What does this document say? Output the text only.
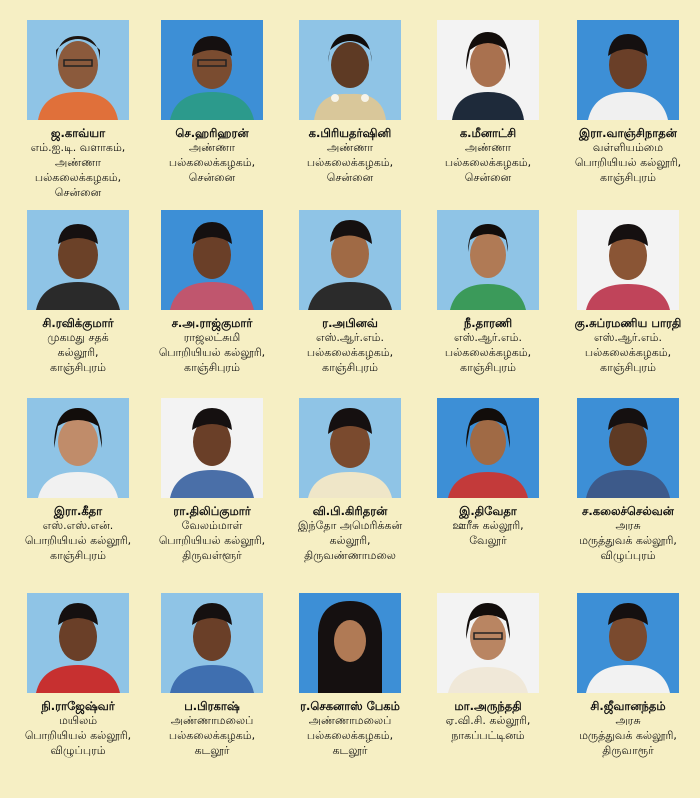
ஜ.காவ்யா
எம்.ஐ.டி. வளாகம்,
அண்ணா
பல்கலைக்கழகம்,
சென்னை
செ.ஹரிஹரன்
அண்ணா
பல்கலைக்கழகம்,
சென்னை
க.பிரியதர்ஷினி
அண்ணா
பல்கலைக்கழகம்,
சென்னை
க.மீனாட்சி
அண்ணா
பல்கலைக்கழகம்,
சென்னை
இரா.வாஞ்சிநாதன்
வள்ளியம்மை
பொறியியல் கல்லூரி,
காஞ்சிபுரம்
சி.ரவிக்குமார்
முகமது சதக்
கல்லூரி,
காஞ்சிபுரம்
ச.அ.ராஜ்குமார்
ராஜலட்சுமி
பொறியியல் கல்லூரி,
காஞ்சிபுரம்
ர.அபினவ்
எஸ்.ஆர்.எம்.
பல்கலைக்கழகம்,
காஞ்சிபுரம்
நீ.தாரணி
எஸ்.ஆர்.எம்.
பல்கலைக்கழகம்,
காஞ்சிபுரம்
கு.சுப்ரமணிய பாரதி
எஸ்.ஆர்.எம்.
பல்கலைக்கழகம்,
காஞ்சிபுரம்
இரா.கீதா
எஸ்.எஸ்.என்.
பொறியியல் கல்லூரி,
காஞ்சிபுரம்
ரா.திலிப்குமார்
வேலம்மாள்
பொறியியல் கல்லூரி,
திருவள்ளூர்
வி.பி.கிரிதரன்
இந்தோ அமெரிக்கன்
கல்லூரி,
திருவண்ணாமலை
இ.திவேதா
ஊரீசு கல்லூரி,
வேலூர்
ச.கலைச்செல்வன்
அரசு
மருத்துவக் கல்லூரி,
விழுப்புரம்
நி.ராஜேஷ்வர்
மயிலம்
பொறியியல் கல்லூரி,
விழுப்புரம்
ப.பிரகாஷ்
அண்ணாமலைப்
பல்கலைக்கழகம்,
கடலூர்
ர.செகனாஸ் பேகம்
அண்ணாமலைப்
பல்கலைக்கழகம்,
கடலூர்
மா.அருந்ததி
ஏ.வி.சி. கல்லூரி,
நாகப்பட்டினம்
சி.ஜீவானந்தம்
அரசு
மருத்துவக் கல்லூரி,
திருவாரூர்
